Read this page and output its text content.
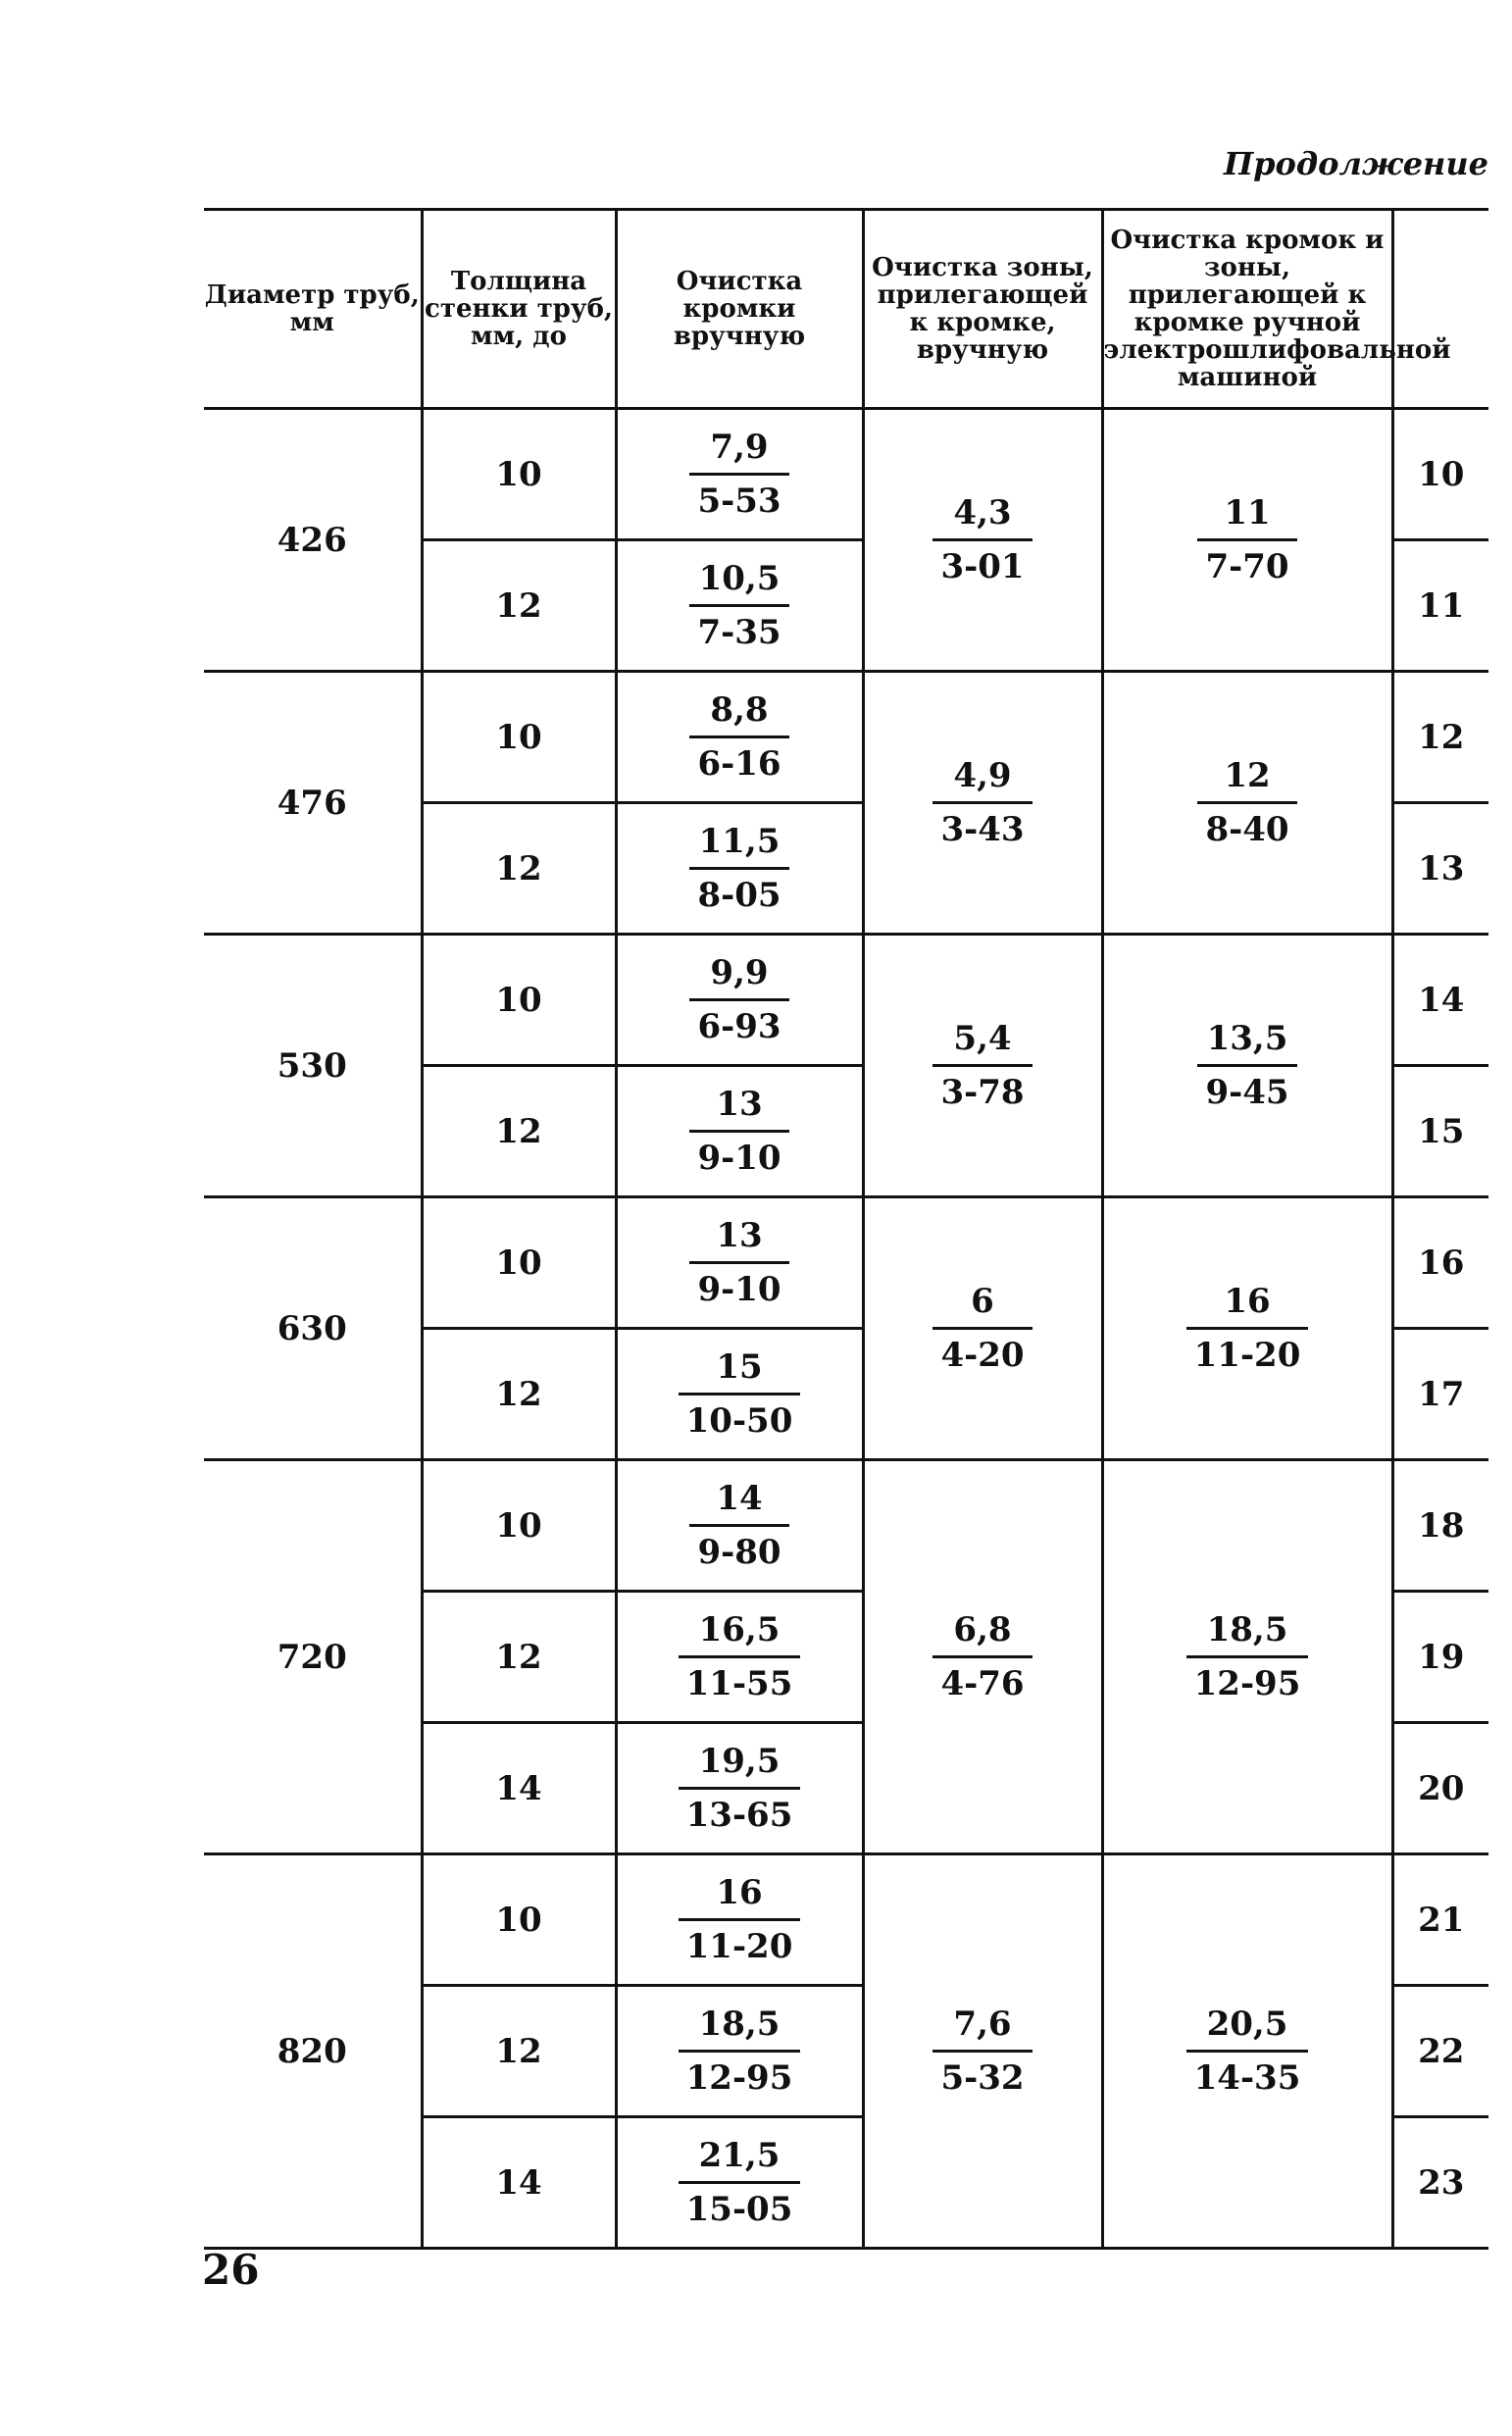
Продолжение
Диаметр труб, мм	Толщина стенки труб, мм, до	Очистка кромки вручную	Очистка зоны, прилегающей к кромке, вручную	Очистка кромок и зоны, прилегающей к кромке ручной электрошлифовальной машиной	
426	10	$\frac{7,9}{5-53}$	$\frac{4,3}{3-01}$	$\frac{11}{7-70}$	10
	12	$\frac{10,5}{7-35}$			11
476	10	$\frac{8,8}{6-16}$	$\frac{4,9}{3-43}$	$\frac{12}{8-40}$	12
	12	$\frac{11,5}{8-05}$			13
530	10	$\frac{9,9}{6-93}$	$\frac{5,4}{3-78}$	$\frac{13,5}{9-45}$	14
	12	$\frac{13}{9-10}$			15
630	10	$\frac{13}{9-10}$	$\frac{6}{4-20}$	$\frac{16}{11-20}$	16
	12	$\frac{15}{10-50}$			17
720	10	$\frac{14}{9-80}$	$\frac{6,8}{4-76}$	$\frac{18,5}{12-95}$	18
	12	$\frac{16,5}{11-55}$			19
	14	$\frac{19,5}{13-65}$			20
820	10	$\frac{16}{11-20}$	$\frac{7,6}{5-32}$	$\frac{20,5}{14-35}$	21
	12	$\frac{18,5}{12-95}$			22
	14	$\frac{21,5}{15-05}$			23
26
